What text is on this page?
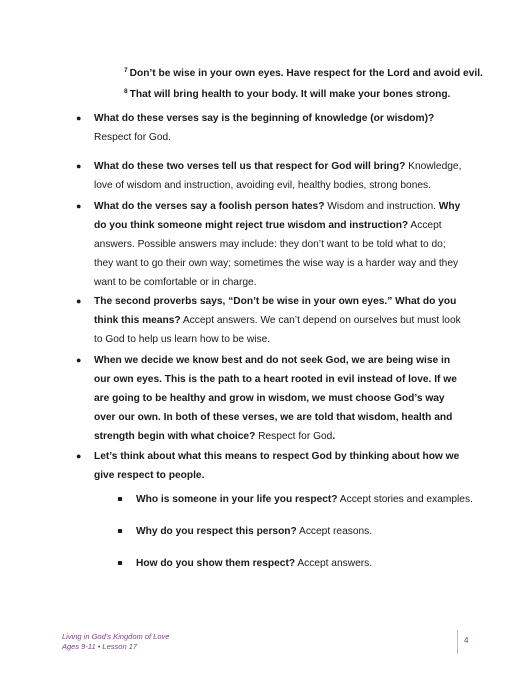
$^7$ Don’t be wise in your own eyes. Have respect for the Lord and avoid evil.
$^8$ That will bring health to your body. It will make your bones strong.
● What do these verses say is the beginning of knowledge (or wisdom)? Respect for God.
● What do these two verses tell us that respect for God will bring? Knowledge, love of wisdom and instruction, avoiding evil, healthy bodies, strong bones.
● What do the verses say a foolish person hates? Wisdom and instruction. Why do you think someone might reject true wisdom and instruction? Accept answers. Possible answers may include: they don’t want to be told what to do; they want to go their own way; sometimes the wise way is a harder way and they want to be comfortable or in charge.
● The second proverbs says, “Don’t be wise in your own eyes.” What do you think this means? Accept answers. We can’t depend on ourselves but must look to God to help us learn how to be wise.
● When we decide we know best and do not seek God, we are being wise in our own eyes. This is the path to a heart rooted in evil instead of love. If we are going to be healthy and grow in wisdom, we must choose God’s way over our own. In both of these verses, we are told that wisdom, health and strength begin with what choice? Respect for God.
● Let’s think about what this means to respect God by thinking about how we give respect to people.
Who is someone in your life you respect? Accept stories and examples.
Why do you respect this person? Accept reasons.
How do you show them respect? Accept answers.
Living in God’s Kingdom of Love
Ages 9-11 • Lesson 17
4
